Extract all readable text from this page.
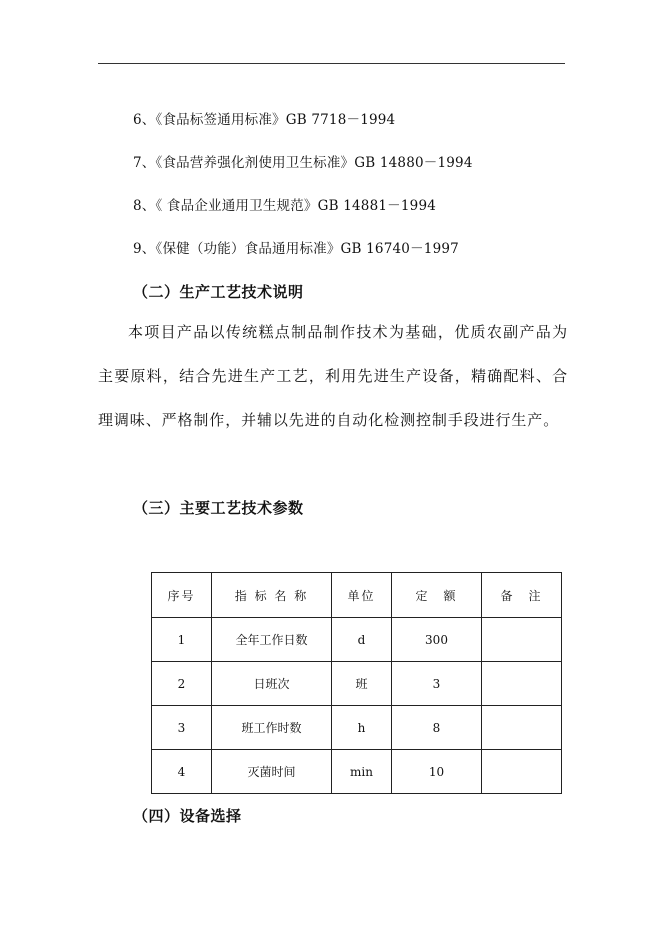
6、《食品标签通用标准》GB 7718－1994
7、《食品营养强化剂使用卫生标准》GB 14880－1994
8、《 食品企业通用卫生规范》GB 14881－1994
9、《保健（功能）食品通用标准》GB 16740－1997
（二）生产工艺技术说明

本项目产品以传统糕点制品制作技术为基础，优质农副产品为主要原料，结合先进生产工艺，利用先进生产设备，精确配料、合理调味、严格制作，并辅以先进的自动化检测控制手段进行生产。

（三）主要工艺技术参数
序号	指 标 名 称	单位	定　额	备　注
1	全年工作日数	d	300	
2	日班次	班	3	
3	班工作时数	h	8	
4	灭菌时间	min	10	
（四）设备选择
